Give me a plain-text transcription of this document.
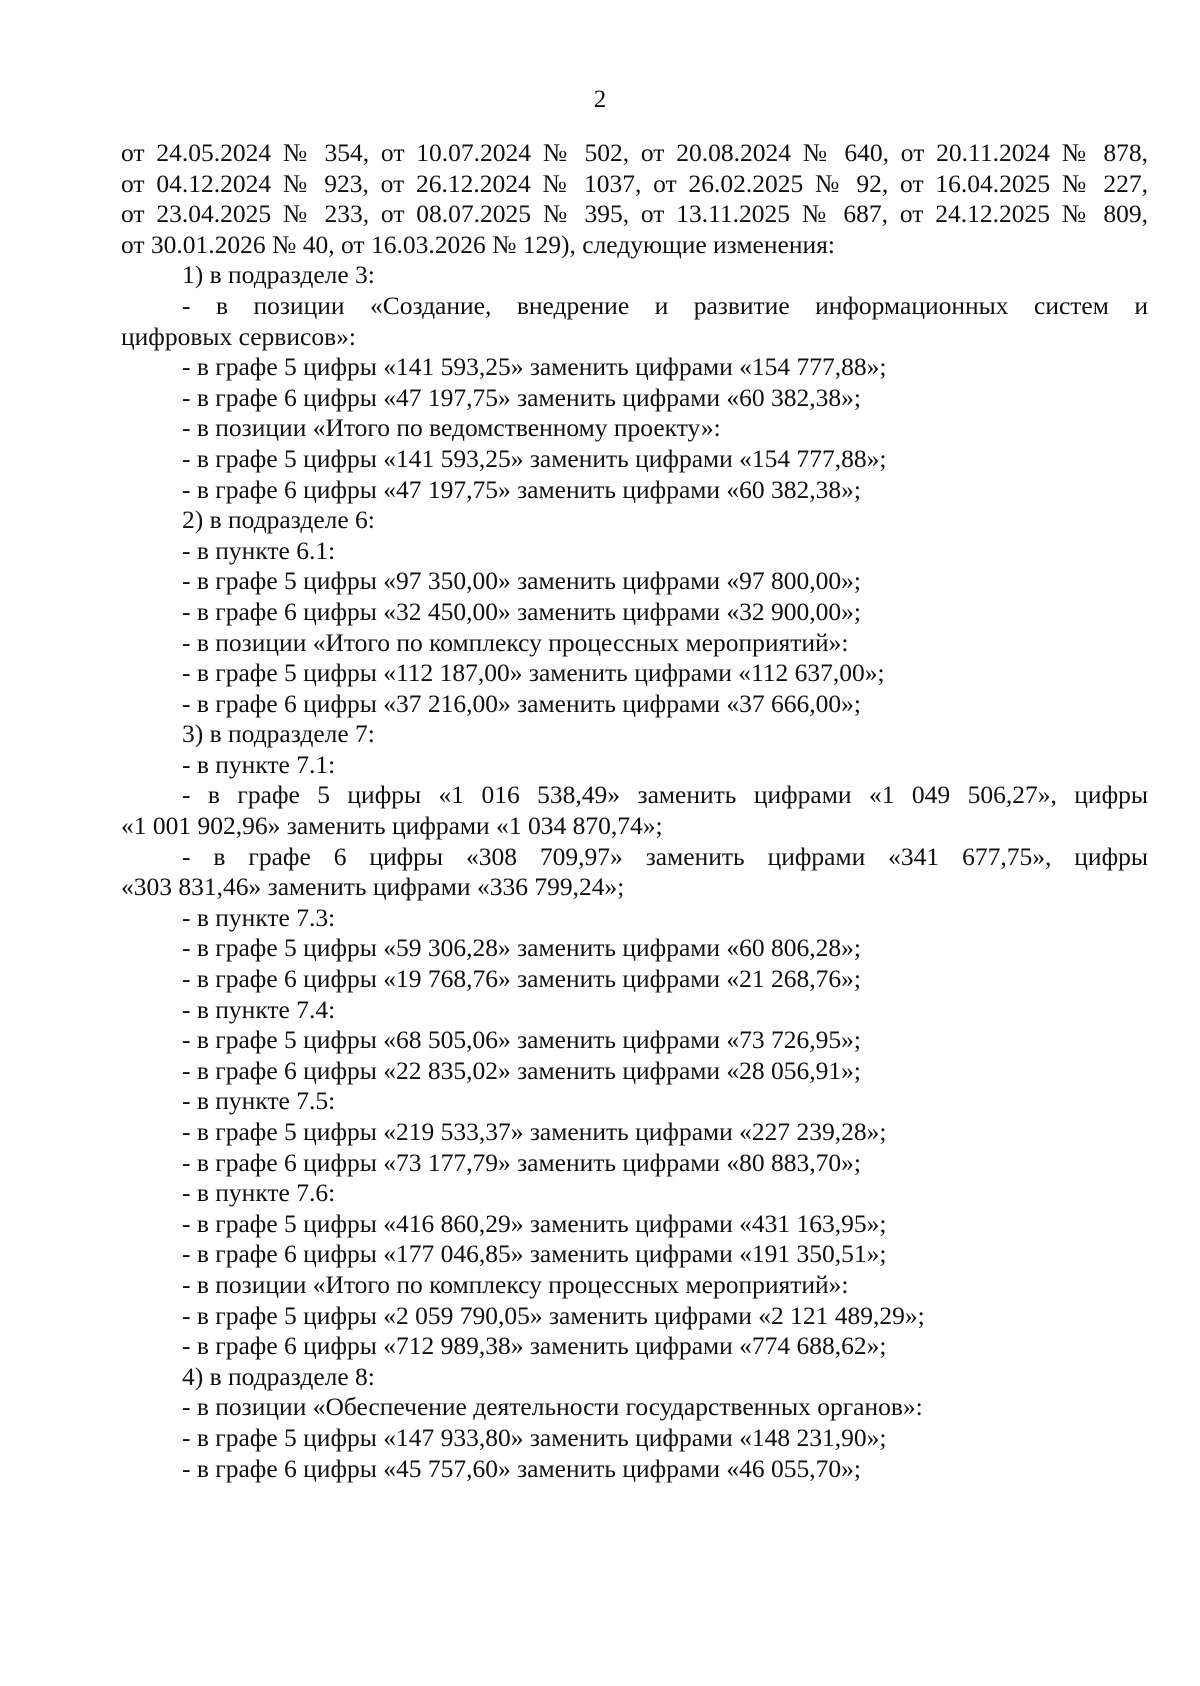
2

от 24.05.2024 № 354, от 10.07.2024 № 502, от 20.08.2024 № 640, от 20.11.2024 № 878,

от 04.12.2024 № 923, от 26.12.2024 № 1037, от 26.02.2025 № 92, от 16.04.2025 № 227,

от 23.04.2025 № 233, от 08.07.2025 № 395, от 13.11.2025 № 687, от 24.12.2025 № 809,

от 30.01.2026 № 40, от 16.03.2026 № 129), следующие изменения:

1) в подразделе 3:

- в позиции «Создание, внедрение и развитие информационных систем и

цифровых сервисов»:

- в графе 5 цифры «141 593,25» заменить цифрами «154 777,88»;

- в графе 6 цифры «47 197,75» заменить цифрами «60 382,38»;

- в позиции «Итого по ведомственному проекту»:

- в графе 5 цифры «141 593,25» заменить цифрами «154 777,88»;

- в графе 6 цифры «47 197,75» заменить цифрами «60 382,38»;

2) в подразделе 6:

- в пункте 6.1:

- в графе 5 цифры «97 350,00» заменить цифрами «97 800,00»;

- в графе 6 цифры «32 450,00» заменить цифрами «32 900,00»;

- в позиции «Итого по комплексу процессных мероприятий»:

- в графе 5 цифры «112 187,00» заменить цифрами «112 637,00»;

- в графе 6 цифры «37 216,00» заменить цифрами «37 666,00»;

3) в подразделе 7:

- в пункте 7.1:

- в графе 5 цифры «1 016 538,49» заменить цифрами «1 049 506,27», цифры

«1 001 902,96» заменить цифрами «1 034 870,74»;

- в графе 6 цифры «308 709,97» заменить цифрами «341 677,75», цифры

«303 831,46» заменить цифрами «336 799,24»;

- в пункте 7.3:

- в графе 5 цифры «59 306,28» заменить цифрами «60 806,28»;

- в графе 6 цифры «19 768,76» заменить цифрами «21 268,76»;

- в пункте 7.4:

- в графе 5 цифры «68 505,06» заменить цифрами «73 726,95»;

- в графе 6 цифры «22 835,02» заменить цифрами «28 056,91»;

- в пункте 7.5:

- в графе 5 цифры «219 533,37» заменить цифрами «227 239,28»;

- в графе 6 цифры «73 177,79» заменить цифрами «80 883,70»;

- в пункте 7.6:

- в графе 5 цифры «416 860,29» заменить цифрами «431 163,95»;

- в графе 6 цифры «177 046,85» заменить цифрами «191 350,51»;

- в позиции «Итого по комплексу процессных мероприятий»:

- в графе 5 цифры «2 059 790,05» заменить цифрами «2 121 489,29»;

- в графе 6 цифры «712 989,38» заменить цифрами «774 688,62»;

4) в подразделе 8:

- в позиции «Обеспечение деятельности государственных органов»:

- в графе 5 цифры «147 933,80» заменить цифрами «148 231,90»;

- в графе 6 цифры «45 757,60» заменить цифрами «46 055,70»;
